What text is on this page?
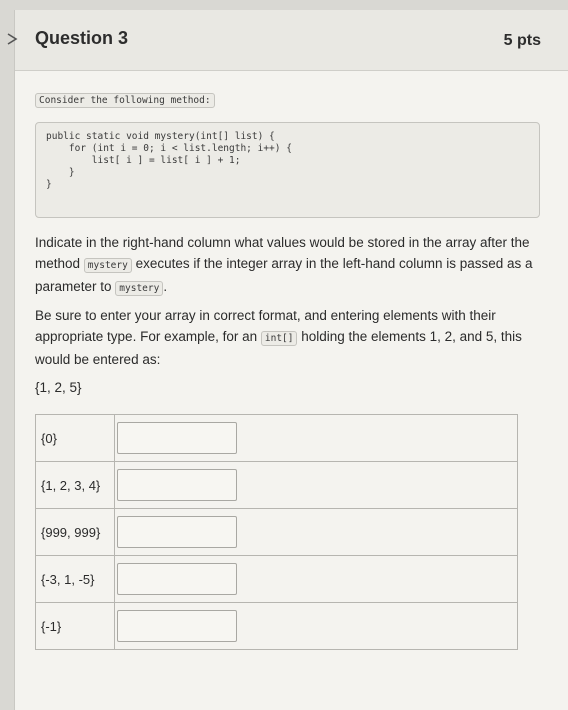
Question 3	5 pts
Consider the following method:
public static void mystery(int[] list) {
for (int i = 0; i < list.length; i++) {
list[ i ] = list[ i ] + 1;
}
}
Indicate in the right-hand column what values would be stored in the array after the method mystery executes if the integer array in the left-hand column is passed as a parameter to mystery .
Be sure to enter your array in correct format, and entering elements with their appropriate type. For example, for an int[] holding the elements 1, 2, and 5, this would be entered as:
{1, 2, 5}
{0}	

{1, 2, 3, 4}	

{999, 999}	

{-3, 1, -5}	

{-1}	
